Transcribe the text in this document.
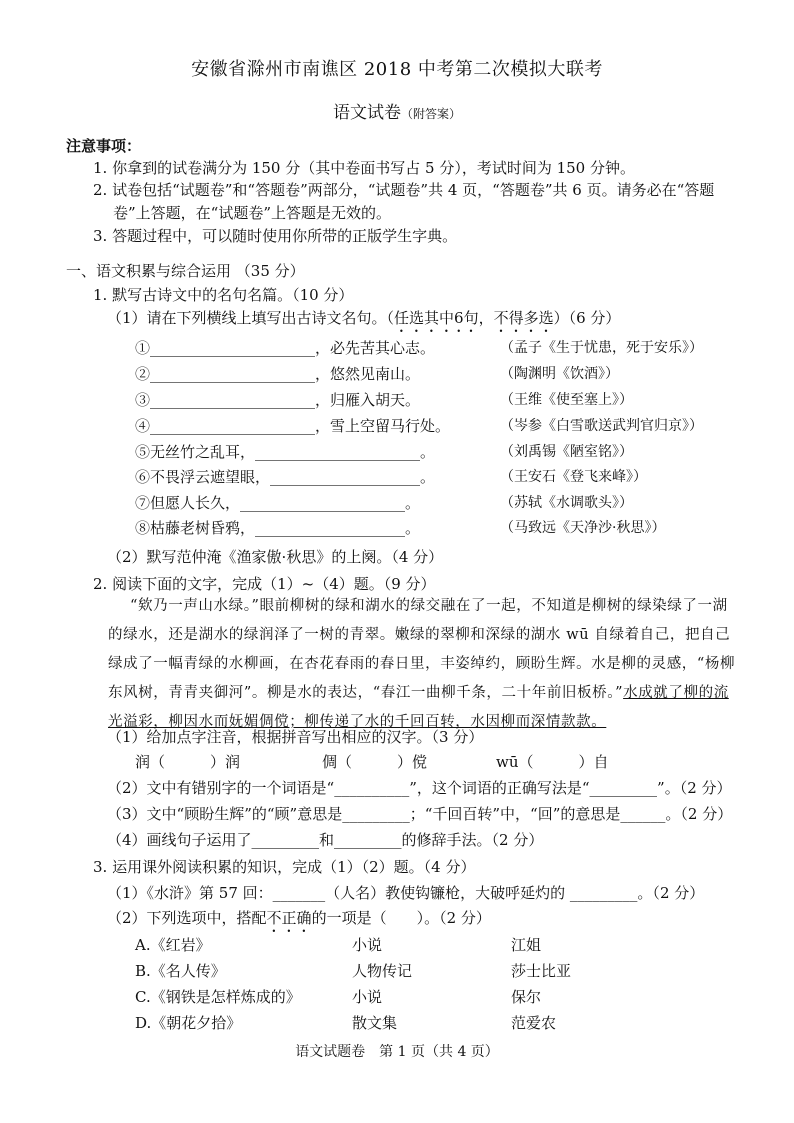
安徽省滁州市南谯区 2018 中考第二次模拟大联考
语文试卷（附答案）
注意事项：
1. 你拿到的试卷满分为 150 分（其中卷面书写占 5 分），考试时间为 150 分钟。
2. 试卷包括“试题卷”和“答题卷”两部分，“试题卷”共 4 页，“答题卷”共 6 页。请务必在“答题
卷”上答题，在“试题卷”上答题是无效的。
3. 答题过程中，可以随时使用你所带的正版学生字典。
一、语文积累与综合运用 （35 分）
1. 默写古诗文中的名句名篇。（10 分）
（1）请在下列横线上填写出古诗文名句。（任选其中6句，不得多选）（6 分）
①______________________，必先苦其心志。	（孟子《生于忧患，死于安乐》）
②______________________，悠然见南山。	（陶渊明《饮酒》）
③______________________，归雁入胡天。	（王维《使至塞上》）
④______________________，雪上空留马行处。	（岑参《白雪歌送武判官归京》）
⑤无丝竹之乱耳，______________________。	（刘禹锡《陋室铭》）
⑥不畏浮云遮望眼，____________________。	（王安石《登飞来峰》）
⑦但愿人长久，______________________。	（苏轼《水调歌头》）
⑧枯藤老树昏鸦，____________________。	（马致远《天净沙·秋思》）
（2）默写范仲淹《渔家傲·秋思》的上阕。（4 分）
2. 阅读下面的文字，完成（1）~（4）题。（9 分）
“欸乃一声山水绿。”眼前柳树的绿和湖水的绿交融在了一起，不知道是柳树的绿染绿了一湖的绿水，还是湖水的绿润泽了一树的青翠。嫩绿的翠柳和深绿的湖水 wū 自绿着自己，把自己绿成了一幅青绿的水柳画，在杏花春雨的春日里，丰姿绰约，顾盼生辉。水是柳的灵感，“杨柳东风树，青青夹御河”。柳是水的表达，“春江一曲柳千条，二十年前旧板桥。”水成就了柳的流光溢彩，柳因水而妩媚倜傥；柳传递了水的千回百转，水因柳而深情款款。
（1）给加点字注音，根据拼音写出相应的汉字。（3 分）
润（　　　）润	倜（　　　）傥	wū（　　　）自
（2）文中有错别字的一个词语是“__________”，这个词语的正确写法是“_________”。（2 分）
（3）文中“顾盼生辉”的“顾”意思是_________；“千回百转”中，“回”的意思是______。（2 分）
（4）画线句子运用了_________和_________的修辞手法。（2 分）
3. 运用课外阅读积累的知识，完成（1）（2）题。（4 分）
（1）《水浒》第 57 回：_______（人名）教使钩镰枪，大破呼延灼的 _________。（2 分）
（2）下列选项中，搭配不正确的一项是（　　）。（2 分）
A.《红岩》	小说	江姐
B.《名人传》	人物传记	莎士比亚
C.《钢铁是怎样炼成的》	小说	保尔
D.《朝花夕拾》	散文集	范爱农
语文试题卷　第 1 页（共 4 页）
